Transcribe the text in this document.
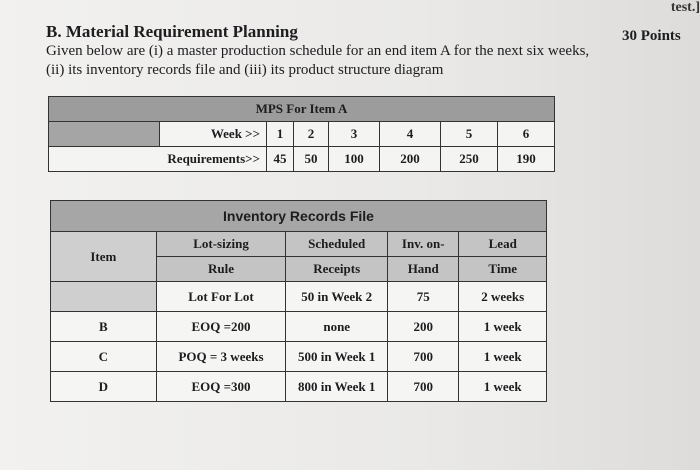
test.]
B. Material Requirement Planning	30 Points
Given below are (i) a master production schedule for an end item A for the next six weeks,
(ii) its inventory records file and (iii) its product structure diagram
MPS For Item A							
	Week >>	1	2	3	4	5	6
Requirements>>		45	50	100	200	250	190
Inventory Records File				
Item	Lot-sizing	Scheduled	Inv. on-	Lead
	Rule	Receipts	Hand	Time
	Lot For Lot	50 in Week 2	75	2 weeks
B	EOQ =200	none	200	1 week
C	POQ = 3 weeks	500 in Week 1	700	1 week
D	EOQ =300	800 in Week 1	700	1 week
